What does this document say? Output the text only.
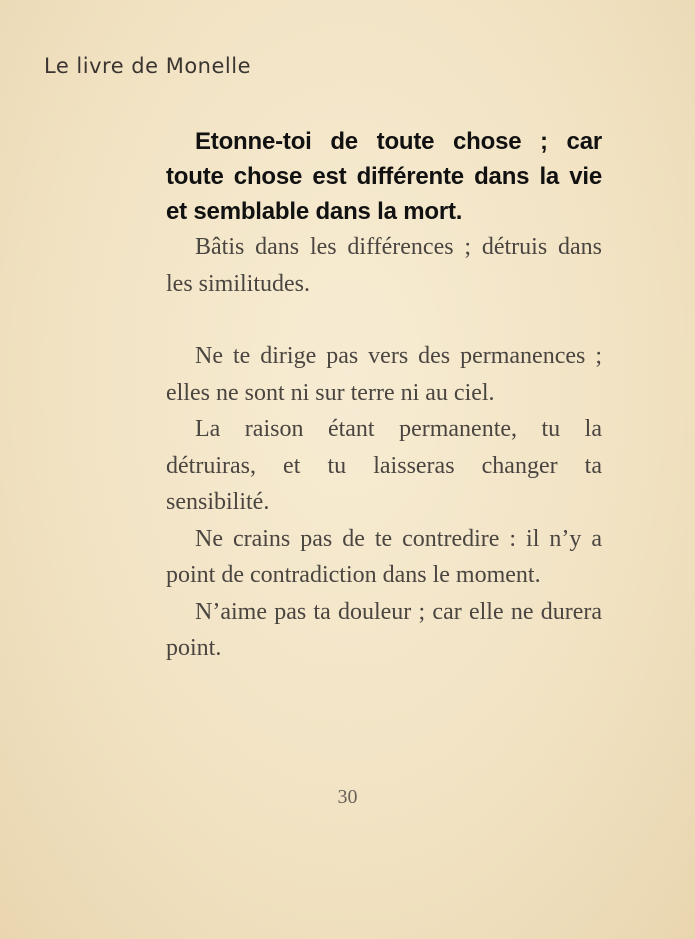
Le livre de Monelle

Etonne-toi de toute chose ; car toute chose est différente dans la vie et semblable dans la mort.

Bâtis dans les différences ; détruis dans les similitudes.

Ne te dirige pas vers des permanences ; elles ne sont ni sur terre ni au ciel.

La raison étant permanente, tu la détruiras, et tu laisseras changer ta sensibilité.

Ne crains pas de te contredire : il n’y a point de contradiction dans le moment.

N’aime pas ta douleur ; car elle ne durera point.

30
